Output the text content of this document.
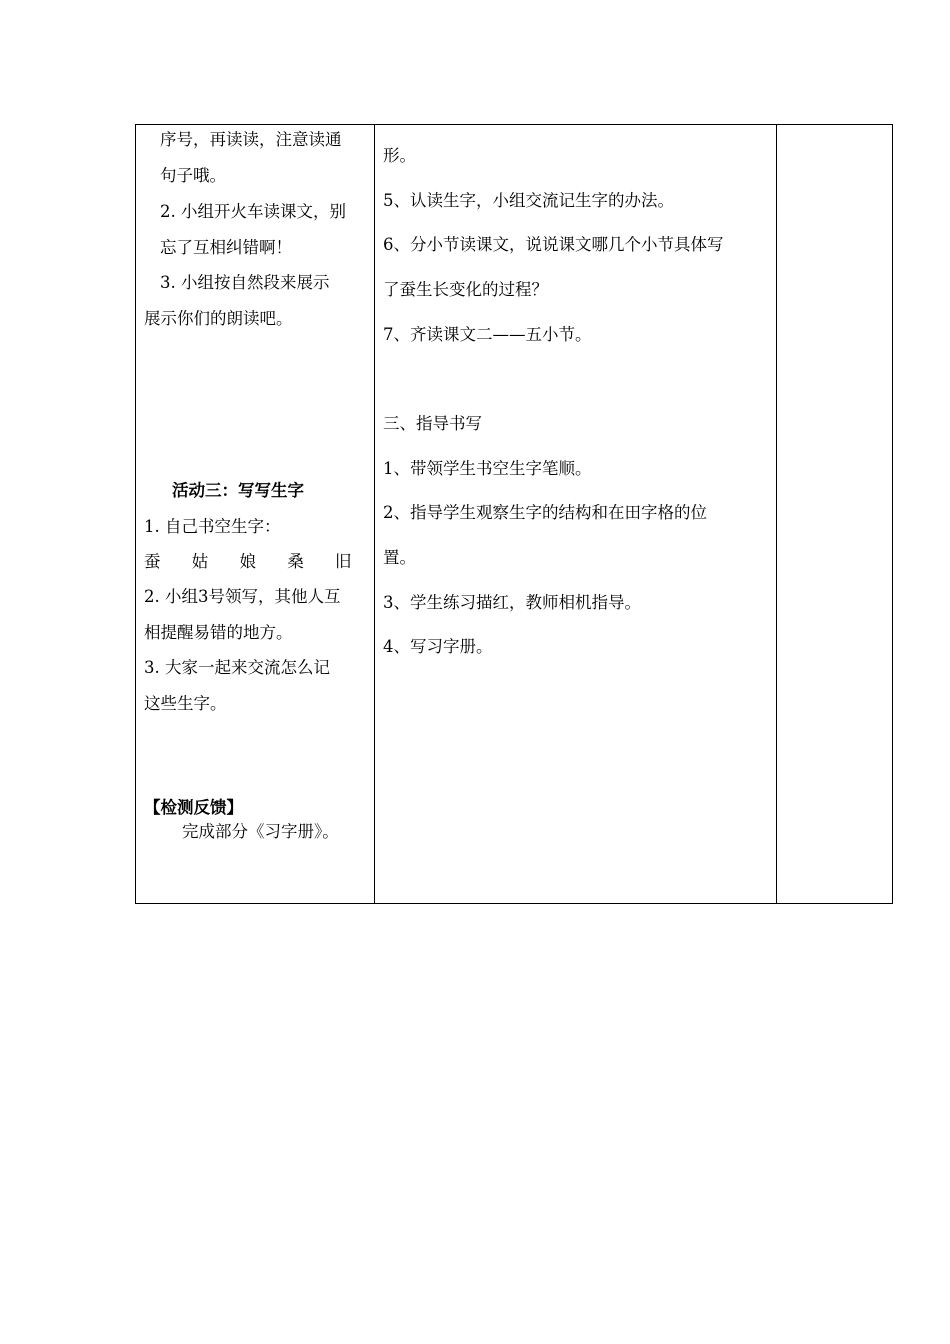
序号，再读读，注意读通
句子哦。
2. 小组开火车读课文，别
忘了互相纠错啊！
3. 小组按自然段来展示
展示你们的朗读吧。
活动三：写写生字
1. 自己书空生字：
蚕 姑 娘 桑 旧
2. 小组3号领写，其他人互
相提醒易错的地方。
3. 大家一起来交流怎么记
这些生字。
【检测反馈】
完成部分《习字册》。

形。
5、认读生字，小组交流记生字的办法。
6、分小节读课文，说说课文哪几个小节具体写
了蚕生长变化的过程？
7、齐读课文二——五小节。
三、指导书写
1、带领学生书空生字笔顺。
2、指导学生观察生字的结构和在田字格的位
置。
3、学生练习描红，教师相机指导。
4、写习字册。
